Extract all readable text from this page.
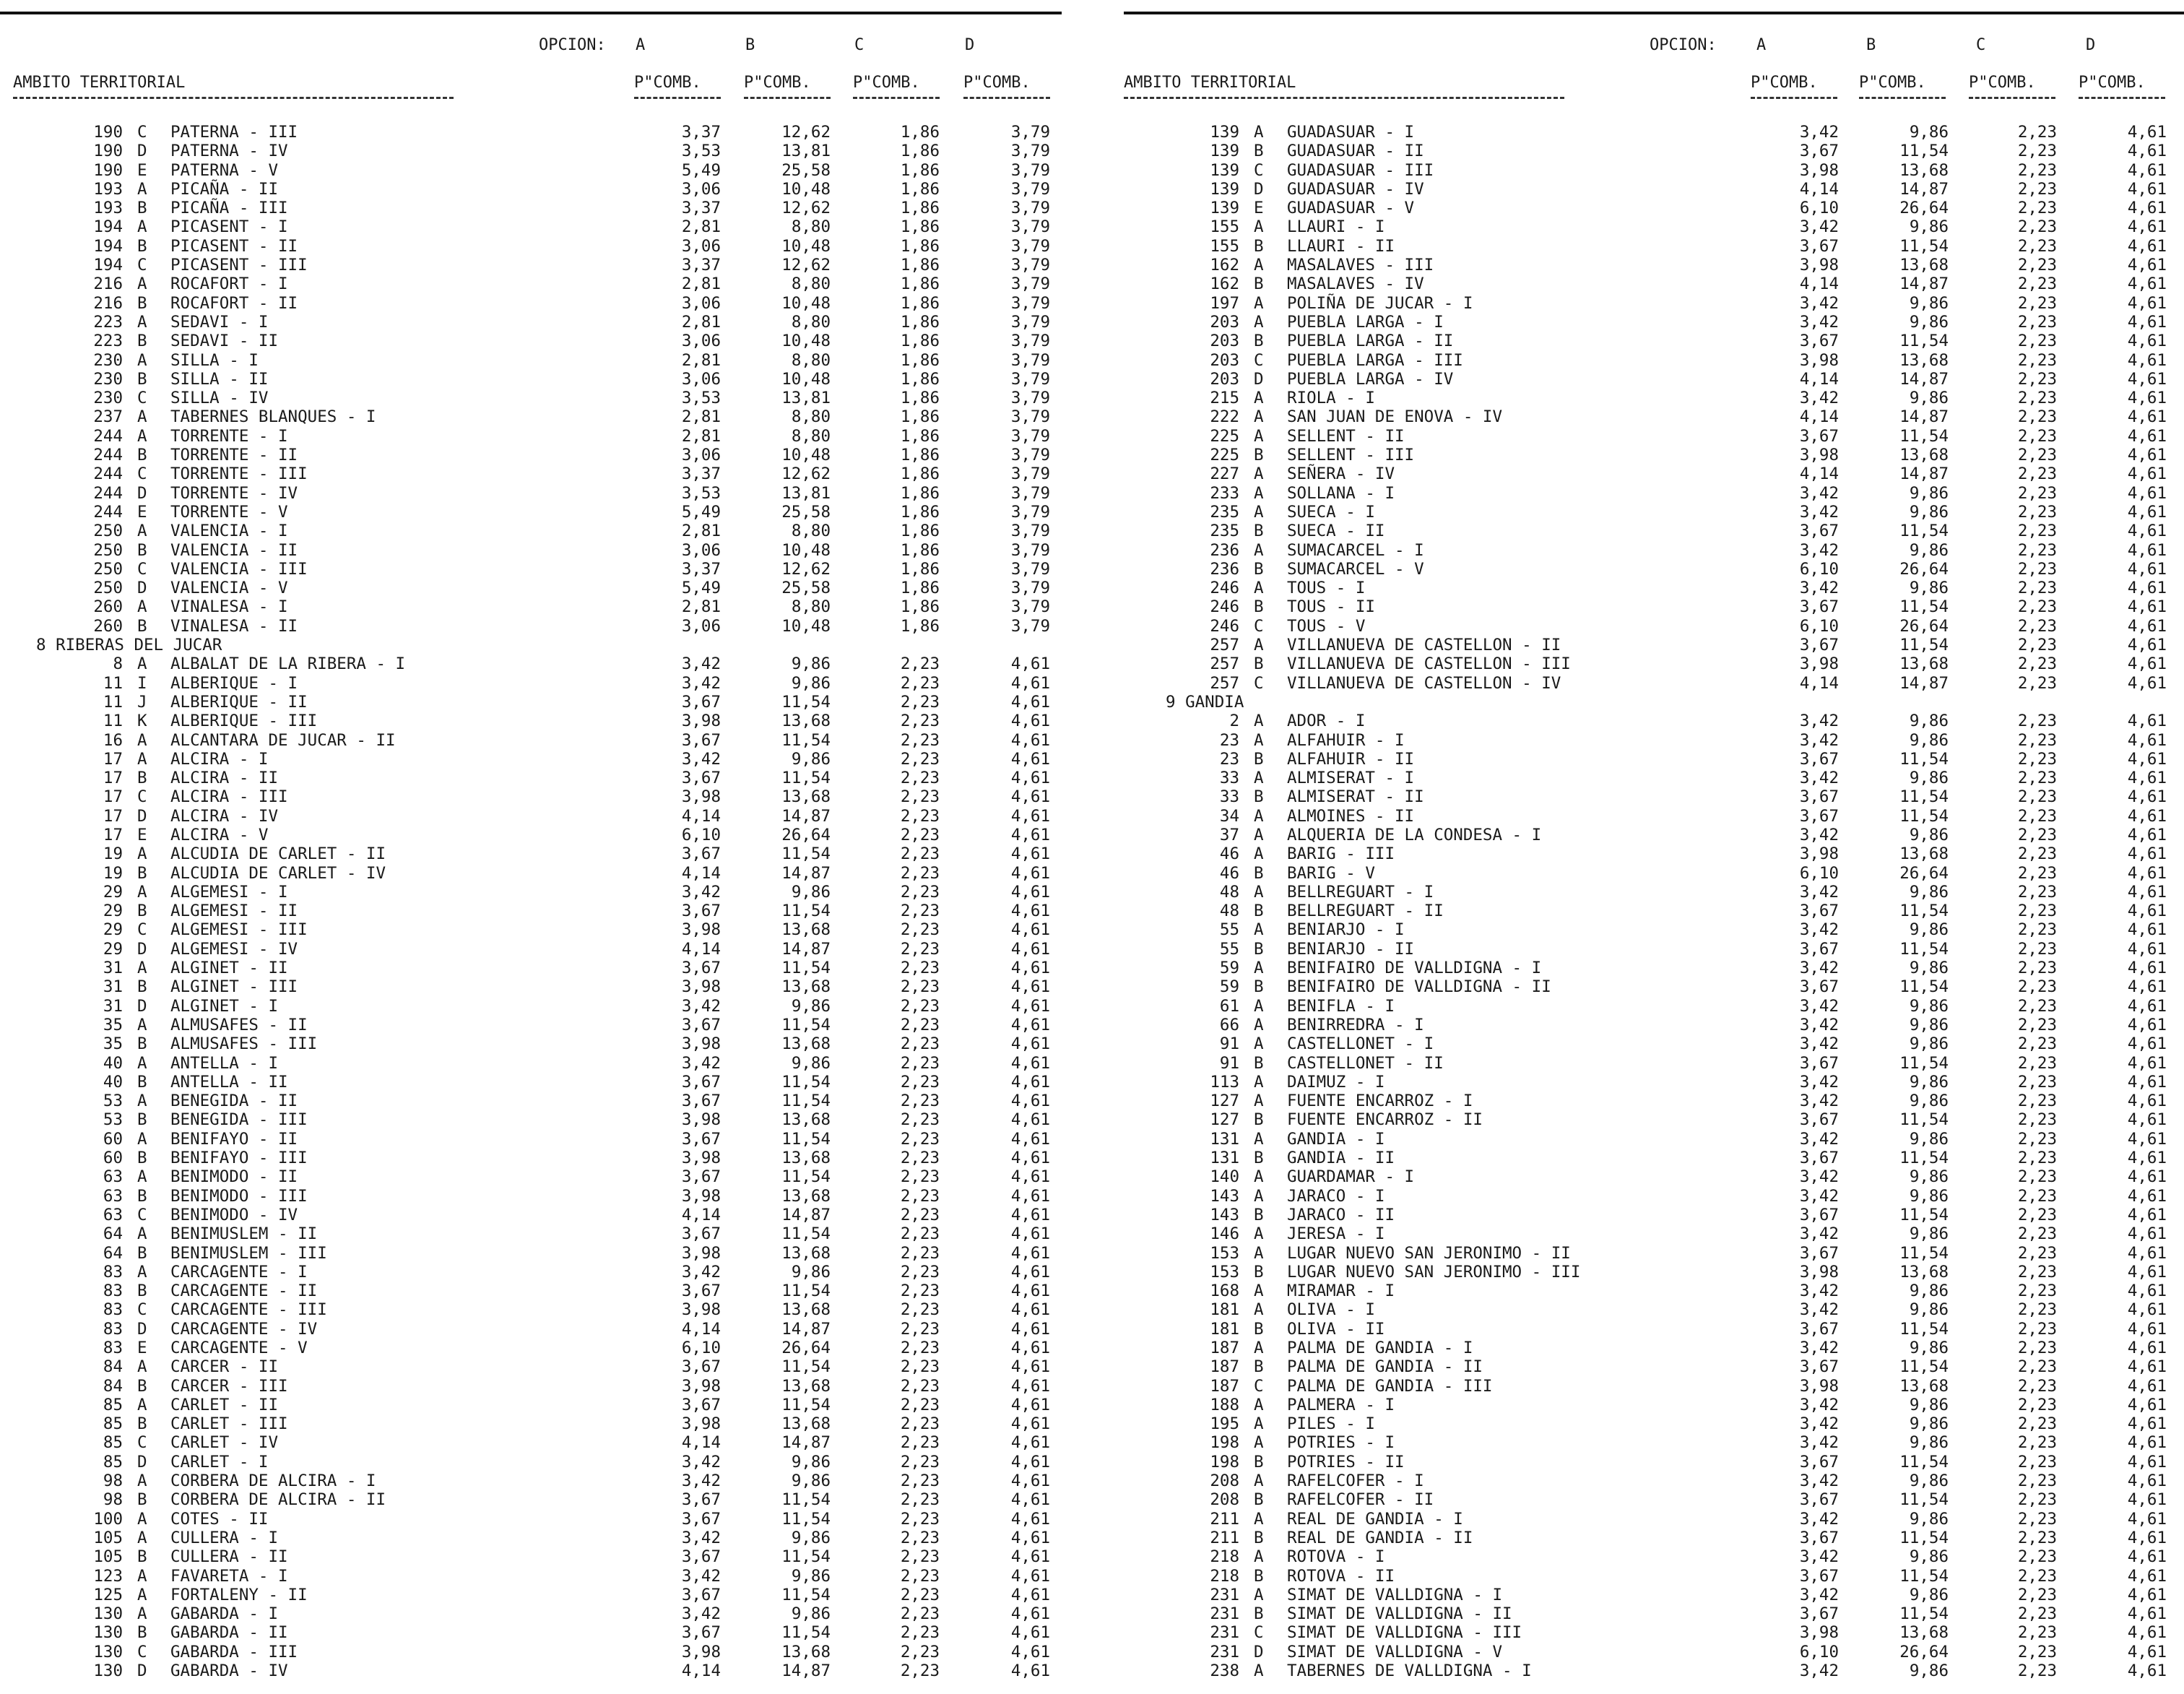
OPCION: A	B	C	D
AMBITO TERRITORIAL	P"COMB.	P"COMB.	P"COMB.	P"COMB.
190 C	PATERNA - III	3,37	12,62	1,86	3,79
190 D	PATERNA - IV	3,53	13,81	1,86	3,79
190 E	PATERNA - V	5,49	25,58	1,86	3,79
193 A	PICAÑA - II	3,06	10,48	1,86	3,79
193 B	PICAÑA - III	3,37	12,62	1,86	3,79
194 A	PICASENT - I	2,81	8,80	1,86	3,79
194 B	PICASENT - II	3,06	10,48	1,86	3,79
194 C	PICASENT - III	3,37	12,62	1,86	3,79
216 A	ROCAFORT - I	2,81	8,80	1,86	3,79
216 B	ROCAFORT - II	3,06	10,48	1,86	3,79
223 A	SEDAVI - I	2,81	8,80	1,86	3,79
223 B	SEDAVI - II	3,06	10,48	1,86	3,79
230 A	SILLA - I	2,81	8,80	1,86	3,79
230 B	SILLA - II	3,06	10,48	1,86	3,79
230 C	SILLA - IV	3,53	13,81	1,86	3,79
237 A	TABERNES BLANQUES - I	2,81	8,80	1,86	3,79
244 A	TORRENTE - I	2,81	8,80	1,86	3,79
244 B	TORRENTE - II	3,06	10,48	1,86	3,79
244 C	TORRENTE - III	3,37	12,62	1,86	3,79
244 D	TORRENTE - IV	3,53	13,81	1,86	3,79
244 E	TORRENTE - V	5,49	25,58	1,86	3,79
250 A	VALENCIA - I	2,81	8,80	1,86	3,79
250 B	VALENCIA - II	3,06	10,48	1,86	3,79
250 C	VALENCIA - III	3,37	12,62	1,86	3,79
250 D	VALENCIA - V	5,49	25,58	1,86	3,79
260 A	VINALESA - I	2,81	8,80	1,86	3,79
260 B	VINALESA - II	3,06	10,48	1,86	3,79
8 RIBERAS DEL JUCAR
8 A	ALBALAT DE LA RIBERA - I	3,42	9,86	2,23	4,61
11 I	ALBERIQUE - I	3,42	9,86	2,23	4,61
11 J	ALBERIQUE - II	3,67	11,54	2,23	4,61
11 K	ALBERIQUE - III	3,98	13,68	2,23	4,61
16 A	ALCANTARA DE JUCAR - II	3,67	11,54	2,23	4,61
17 A	ALCIRA - I	3,42	9,86	2,23	4,61
17 B	ALCIRA - II	3,67	11,54	2,23	4,61
17 C	ALCIRA - III	3,98	13,68	2,23	4,61
17 D	ALCIRA - IV	4,14	14,87	2,23	4,61
17 E	ALCIRA - V	6,10	26,64	2,23	4,61
19 A	ALCUDIA DE CARLET - II	3,67	11,54	2,23	4,61
19 B	ALCUDIA DE CARLET - IV	4,14	14,87	2,23	4,61
29 A	ALGEMESI - I	3,42	9,86	2,23	4,61
29 B	ALGEMESI - II	3,67	11,54	2,23	4,61
29 C	ALGEMESI - III	3,98	13,68	2,23	4,61
29 D	ALGEMESI - IV	4,14	14,87	2,23	4,61
31 A	ALGINET - II	3,67	11,54	2,23	4,61
31 B	ALGINET - III	3,98	13,68	2,23	4,61
31 D	ALGINET - I	3,42	9,86	2,23	4,61
35 A	ALMUSAFES - II	3,67	11,54	2,23	4,61
35 B	ALMUSAFES - III	3,98	13,68	2,23	4,61
40 A	ANTELLA - I	3,42	9,86	2,23	4,61
40 B	ANTELLA - II	3,67	11,54	2,23	4,61
53 A	BENEGIDA - II	3,67	11,54	2,23	4,61
53 B	BENEGIDA - III	3,98	13,68	2,23	4,61
60 A	BENIFAYO - II	3,67	11,54	2,23	4,61
60 B	BENIFAYO - III	3,98	13,68	2,23	4,61
63 A	BENIMODO - II	3,67	11,54	2,23	4,61
63 B	BENIMODO - III	3,98	13,68	2,23	4,61
63 C	BENIMODO - IV	4,14	14,87	2,23	4,61
64 A	BENIMUSLEM - II	3,67	11,54	2,23	4,61
64 B	BENIMUSLEM - III	3,98	13,68	2,23	4,61
83 A	CARCAGENTE - I	3,42	9,86	2,23	4,61
83 B	CARCAGENTE - II	3,67	11,54	2,23	4,61
83 C	CARCAGENTE - III	3,98	13,68	2,23	4,61
83 D	CARCAGENTE - IV	4,14	14,87	2,23	4,61
83 E	CARCAGENTE - V	6,10	26,64	2,23	4,61
84 A	CARCER - II	3,67	11,54	2,23	4,61
84 B	CARCER - III	3,98	13,68	2,23	4,61
85 A	CARLET - II	3,67	11,54	2,23	4,61
85 B	CARLET - III	3,98	13,68	2,23	4,61
85 C	CARLET - IV	4,14	14,87	2,23	4,61
85 D	CARLET - I	3,42	9,86	2,23	4,61
98 A	CORBERA DE ALCIRA - I	3,42	9,86	2,23	4,61
98 B	CORBERA DE ALCIRA - II	3,67	11,54	2,23	4,61
100 A	COTES - II	3,67	11,54	2,23	4,61
105 A	CULLERA - I	3,42	9,86	2,23	4,61
105 B	CULLERA - II	3,67	11,54	2,23	4,61
123 A	FAVARETA - I	3,42	9,86	2,23	4,61
125 A	FORTALENY - II	3,67	11,54	2,23	4,61
130 A	GABARDA - I	3,42	9,86	2,23	4,61
130 B	GABARDA - II	3,67	11,54	2,23	4,61
130 C	GABARDA - III	3,98	13,68	2,23	4,61
130 D	GABARDA - IV	4,14	14,87	2,23	4,61
OPCION:	A	B	C	D
AMBITO TERRITORIAL	P"COMB.	P"COMB.	P"COMB.	P"COMB.
139 A	GUADASUAR - I	3,42	9,86	2,23	4,61
139 B	GUADASUAR - II	3,67	11,54	2,23	4,61
139 C	GUADASUAR - III	3,98	13,68	2,23	4,61
139 D	GUADASUAR - IV	4,14	14,87	2,23	4,61
139 E	GUADASUAR - V	6,10	26,64	2,23	4,61
155 A	LLAURI - I	3,42	9,86	2,23	4,61
155 B	LLAURI - II	3,67	11,54	2,23	4,61
162 A	MASALAVES - III	3,98	13,68	2,23	4,61
162 B	MASALAVES - IV	4,14	14,87	2,23	4,61
197 A	POLIÑA DE JUCAR - I	3,42	9,86	2,23	4,61
203 A	PUEBLA LARGA - I	3,42	9,86	2,23	4,61
203 B	PUEBLA LARGA - II	3,67	11,54	2,23	4,61
203 C	PUEBLA LARGA - III	3,98	13,68	2,23	4,61
203 D	PUEBLA LARGA - IV	4,14	14,87	2,23	4,61
215 A	RIOLA - I	3,42	9,86	2,23	4,61
222 A	SAN JUAN DE ENOVA - IV	4,14	14,87	2,23	4,61
225 A	SELLENT - II	3,67	11,54	2,23	4,61
225 B	SELLENT - III	3,98	13,68	2,23	4,61
227 A	SEÑERA - IV	4,14	14,87	2,23	4,61
233 A	SOLLANA - I	3,42	9,86	2,23	4,61
235 A	SUECA - I	3,42	9,86	2,23	4,61
235 B	SUECA - II	3,67	11,54	2,23	4,61
236 A	SUMACARCEL - I	3,42	9,86	2,23	4,61
236 B	SUMACARCEL - V	6,10	26,64	2,23	4,61
246 A	TOUS - I	3,42	9,86	2,23	4,61
246 B	TOUS - II	3,67	11,54	2,23	4,61
246 C	TOUS - V	6,10	26,64	2,23	4,61
257 A	VILLANUEVA DE CASTELLON - II	3,67	11,54	2,23	4,61
257 B	VILLANUEVA DE CASTELLON - III	3,98	13,68	2,23	4,61
257 C	VILLANUEVA DE CASTELLON - IV	4,14	14,87	2,23	4,61
9 GANDIA
2 A	ADOR - I	3,42	9,86	2,23	4,61
23 A	ALFAHUIR - I	3,42	9,86	2,23	4,61
23 B	ALFAHUIR - II	3,67	11,54	2,23	4,61
33 A	ALMISERAT - I	3,42	9,86	2,23	4,61
33 B	ALMISERAT - II	3,67	11,54	2,23	4,61
34 A	ALMOINES - II	3,67	11,54	2,23	4,61
37 A	ALQUERIA DE LA CONDESA - I	3,42	9,86	2,23	4,61
46 A	BARIG - III	3,98	13,68	2,23	4,61
46 B	BARIG - V	6,10	26,64	2,23	4,61
48 A	BELLREGUART - I	3,42	9,86	2,23	4,61
48 B	BELLREGUART - II	3,67	11,54	2,23	4,61
55 A	BENIARJO - I	3,42	9,86	2,23	4,61
55 B	BENIARJO - II	3,67	11,54	2,23	4,61
59 A	BENIFAIRO DE VALLDIGNA - I	3,42	9,86	2,23	4,61
59 B	BENIFAIRO DE VALLDIGNA - II	3,67	11,54	2,23	4,61
61 A	BENIFLA - I	3,42	9,86	2,23	4,61
66 A	BENIRREDRA - I	3,42	9,86	2,23	4,61
91 A	CASTELLONET - I	3,42	9,86	2,23	4,61
91 B	CASTELLONET - II	3,67	11,54	2,23	4,61
113 A	DAIMUZ - I	3,42	9,86	2,23	4,61
127 A	FUENTE ENCARROZ - I	3,42	9,86	2,23	4,61
127 B	FUENTE ENCARROZ - II	3,67	11,54	2,23	4,61
131 A	GANDIA - I	3,42	9,86	2,23	4,61
131 B	GANDIA - II	3,67	11,54	2,23	4,61
140 A	GUARDAMAR - I	3,42	9,86	2,23	4,61
143 A	JARACO - I	3,42	9,86	2,23	4,61
143 B	JARACO - II	3,67	11,54	2,23	4,61
146 A	JERESA - I	3,42	9,86	2,23	4,61
153 A	LUGAR NUEVO SAN JERONIMO - II	3,67	11,54	2,23	4,61
153 B	LUGAR NUEVO SAN JERONIMO - III	3,98	13,68	2,23	4,61
168 A	MIRAMAR - I	3,42	9,86	2,23	4,61
181 A	OLIVA - I	3,42	9,86	2,23	4,61
181 B	OLIVA - II	3,67	11,54	2,23	4,61
187 A	PALMA DE GANDIA - I	3,42	9,86	2,23	4,61
187 B	PALMA DE GANDIA - II	3,67	11,54	2,23	4,61
187 C	PALMA DE GANDIA - III	3,98	13,68	2,23	4,61
188 A	PALMERA - I	3,42	9,86	2,23	4,61
195 A	PILES - I	3,42	9,86	2,23	4,61
198 A	POTRIES - I	3,42	9,86	2,23	4,61
198 B	POTRIES - II	3,67	11,54	2,23	4,61
208 A	RAFELCOFER - I	3,42	9,86	2,23	4,61
208 B	RAFELCOFER - II	3,67	11,54	2,23	4,61
211 A	REAL DE GANDIA - I	3,42	9,86	2,23	4,61
211 B	REAL DE GANDIA - II	3,67	11,54	2,23	4,61
218 A	ROTOVA - I	3,42	9,86	2,23	4,61
218 B	ROTOVA - II	3,67	11,54	2,23	4,61
231 A	SIMAT DE VALLDIGNA - I	3,42	9,86	2,23	4,61
231 B	SIMAT DE VALLDIGNA - II	3,67	11,54	2,23	4,61
231 C	SIMAT DE VALLDIGNA - III	3,98	13,68	2,23	4,61
231 D	SIMAT DE VALLDIGNA - V	6,10	26,64	2,23	4,61
238 A	TABERNES DE VALLDIGNA - I	3,42	9,86	2,23	4,61
